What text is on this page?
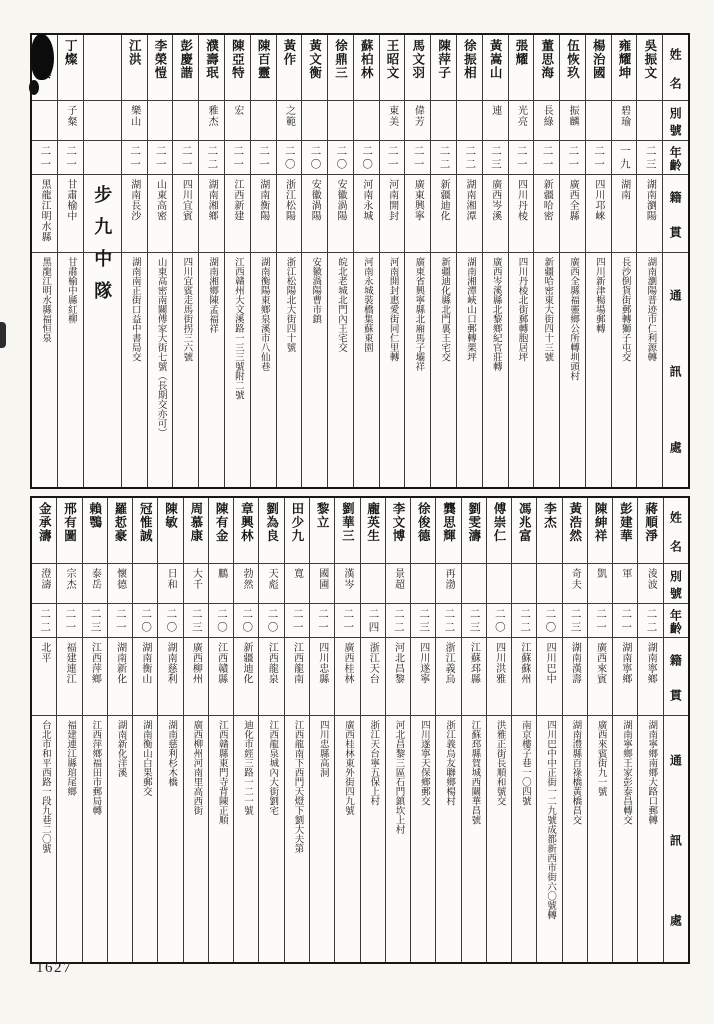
姓
名
別
號
年
齡
籍
貫
通
訊
處
吳振文
二三
湖南瀏陽
湖南瀏陽普迹市仁利源轉
雍耀坤
碧瑜
一九
湖南
長沙倒貨街郵轉獅子屯交
楊治國
二一
四川邛崍
四川新津楊場郵轉
伍恢玖
振麟
二一
廣西全縣
廣西全縣福靈鄉公所轉圳頭村
董思海
長綠
二一
新疆哈密
新疆哈密東大街四十三號
張耀
光亮
二一
四川丹棱
四川丹棱北街郵轉胞居坪
黃嵩山
連
二三
廣西岑溪
廣西岑溪縣北黎鄉紀官莊轉
徐振相
二二
湖南湘潭
湖南湘潭峽山口郵轉栗坪
陳萍子
二二
新疆迪化
新疆迪化縣北門裏王宅交
馬文羽
偉芳
二一
廣東興寧
廣東省興寧縣北廂馬子壩祥
王昭文
東美
二一
河南開封
河南開封惠愛街同仁里轉
蘇柏林
二〇
河南永城
河南永城裝橋集蘇東園
徐鼎三
二〇
安徽渦陽
皖北老城北門內王宅交
黃文衡
二〇
安徽渦陽
安徽渦陽曹市鎮
黃作
之範
二〇
浙江松陽
浙江松陽北大街四十號
陳百靈
二一
湖南衡陽
湖南衡陽東鄉泉溪市八仙巷
陳亞特
宏
二一
江西新建
江西贛州大文溪路一三三號附二號
濮壽珉
雅杰
二二
湖南湘鄉
湖南湘鄉陳孟福祥
彭慶諧
二一
四川宜賓
四川宜賓走馬街拐三六號
李榮愷
二一
山東高密
山東高密南關傅家大街七號（長期交亦可）
江洪
樂山
二一
湖南長沙
湖南南正街口益中書局交
步九中隊
丁燦
子粲
二一
甘肅榆中
甘肅榆中縣紅柳
二一
黑龍江明水縣
黑龍江明水縣福恒泉
姓
名
別
號
年
齡
籍
貫
通
訊
處
蔣順淨
淩波
二二
湖南寧鄉
湖南寧鄉南鄉大路口郵轉
彭建華
軍
二一
湖南寧鄉
湖南寧鄉王家彭泰昌轉交
陳紳祥
凱
二一
廣西來賓
廣西來賓街九一號
黃浩然
奇夫
二三
湖南漢壽
湖南澧縣百祿橋黃橋昌交
李杰
二〇
四川巴中
四川巴中中正街一二九號成都新西市街六〇號轉
馮兆富
二二
江蘇蘇州
南京樓子巷一〇四號
傅崇仁
二〇
四川洪雅
洪雅正街長順和號交
劉雯濤
二三
江蘇邳縣
江蘇邳縣賀城西關華昌號
龔思輝
再渤
二二
浙江義烏
浙江義烏友聯鄉楊村
徐俊德
二三
四川遂寧
四川遂寧天保鄉郵交
李文博
景超
二二
河北昌黎
河北昌黎三區石門鎮坎上村
龐英生
二四
浙江天台
浙江天台寧五保上村
劉華三
漢岑
二一
廣西桂林
廣西桂林東外街四九號
黎立
國圃
二一
四川忠縣
四川忠縣高洞
田少九
寬
二一
江西龍南
江西龍南下西門天燈下劉大夫第
劉為良
天彪
二〇
江西龍泉
江西龍泉城內大街劉宅
章興林
勃然
二〇
新疆迪化
迪化市經三路一二一號
陳有金
鵬
二〇
江西贛縣
江西贛縣東門寺背陳正順
周慕康
大千
二三
廣西柳州
廣西柳州河南里高西街
陳敏
日和
二〇
湖南慈利
湖南慈利杉木橋
冠惟誠
二〇
湖南衡山
湖南衡山白果郵交
羅悊豪
懷德
二一
湖南新化
湖南新化洋溪
賴鶚
泰岳
二三
江西萍鄉
江西萍鄉福田市郵局轉
邢有圖
宗杰
二一
福建連江
福建連江縣琯尾鄉
金承濤
澄濤
二二
北平
台北市和平西路一段九巷二〇號
1627
